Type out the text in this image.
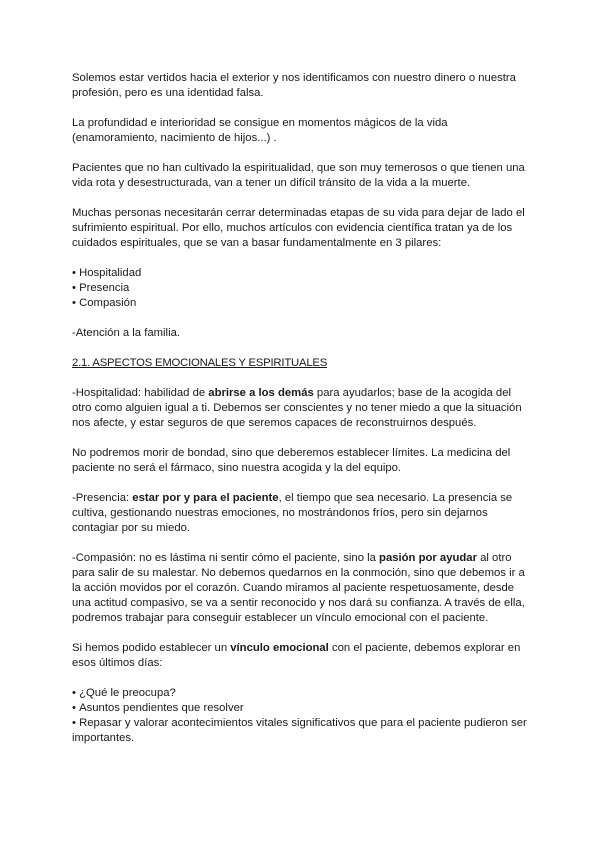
Solemos estar vertidos hacia el exterior y nos identificamos con nuestro dinero o nuestra profesión, pero es una identidad falsa.

La profundidad e interioridad se consigue en momentos mágicos de la vida (enamoramiento, nacimiento de hijos...) .

Pacientes que no han cultivado la espiritualidad, que son muy temerosos o que tienen una vida rota y desestructurada, van a tener un difícil tránsito de la vida a la muerte.

Muchas personas necesitarán cerrar determinadas etapas de su vida para dejar de lado el sufrimiento espiritual. Por ello, muchos artículos con evidencia científica tratan ya de los cuidados espirituales, que se van a basar fundamentalmente en 3 pilares:

• Hospitalidad
• Presencia
• Compasión

-Atención a la familia.

2.1. ASPECTOS EMOCIONALES Y ESPIRITUALES

-Hospitalidad: habilidad de abrirse a los demás para ayudarlos; base de la acogida del otro como alguien igual a ti. Debemos ser conscientes y no tener miedo a que la situación nos afecte, y estar seguros de que seremos capaces de reconstruirnos después.

No podremos morir de bondad, sino que deberemos establecer límites. La medicina del paciente no será el fármaco, sino nuestra acogida y la del equipo.

-Presencia: estar por y para el paciente, el tiempo que sea necesario. La presencia se cultiva, gestionando nuestras emociones, no mostrándonos fríos, pero sin dejarnos contagiar por su miedo.

-Compasión: no es lástima ni sentir cómo el paciente, sino la pasión por ayudar al otro para salir de su malestar. No debemos quedarnos en la conmoción, sino que debemos ir a la acción movidos por el corazón. Cuando miramos al paciente respetuosamente, desde una actitud compasivo, se va a sentir reconocido y nos dará su confianza. A través de ella, podremos trabajar para conseguir establecer un vínculo emocional con el paciente.

Si hemos podido establecer un vínculo emocional con el paciente, debemos explorar en esos últimos días:

• ¿Qué le preocupa?
• Asuntos pendientes que resolver
• Repasar y valorar acontecimientos vitales significativos que para el paciente pudieron ser importantes.
